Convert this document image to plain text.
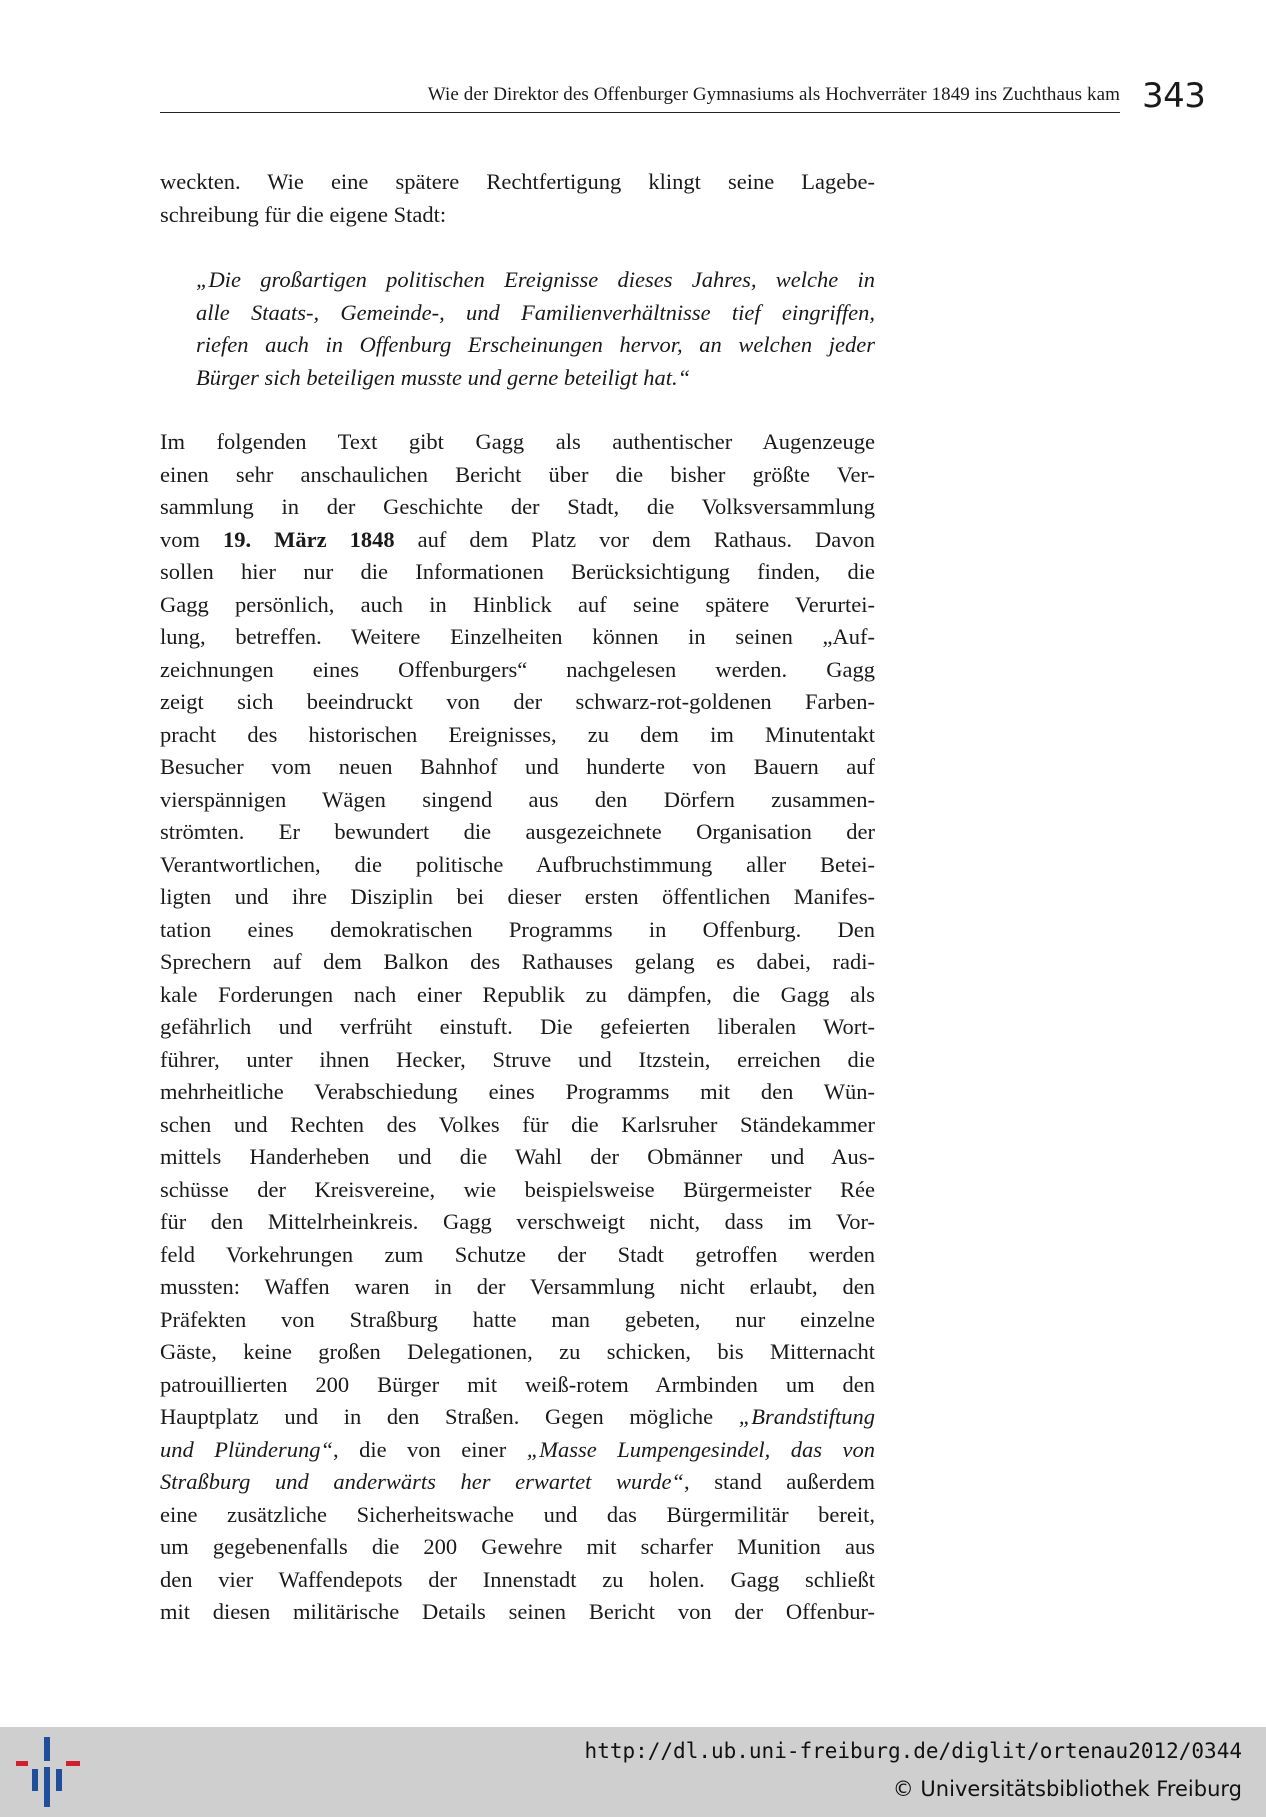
Wie der Direktor des Offenburger Gymnasiums als Hochverräter 1849 ins Zuchthaus kam 343
weckten. Wie eine spätere Rechtfertigung klingt seine Lagebe-
schreibung für die eigene Stadt:
„Die großartigen politischen Ereignisse dieses Jahres, welche in
alle Staats-, Gemeinde-, und Familienverhältnisse tief eingriffen,
riefen auch in Offenburg Erscheinungen hervor, an welchen jeder
Bürger sich beteiligen musste und gerne beteiligt hat.“
Im folgenden Text gibt Gagg als authentischer Augenzeuge
einen sehr anschaulichen Bericht über die bisher größte Ver-
sammlung in der Geschichte der Stadt, die Volksversammlung
vom 19. März 1848 auf dem Platz vor dem Rathaus. Davon
sollen hier nur die Informationen Berücksichtigung finden, die
Gagg persönlich, auch in Hinblick auf seine spätere Verurtei-
lung, betreffen. Weitere Einzelheiten können in seinen „Auf-
zeichnungen eines Offenburgers“ nachgelesen werden. Gagg
zeigt sich beeindruckt von der schwarz-rot-goldenen Farben-
pracht des historischen Ereignisses, zu dem im Minutentakt
Besucher vom neuen Bahnhof und hunderte von Bauern auf
vierspännigen Wägen singend aus den Dörfern zusammen-
strömten. Er bewundert die ausgezeichnete Organisation der
Verantwortlichen, die politische Aufbruchstimmung aller Betei-
ligten und ihre Disziplin bei dieser ersten öffentlichen Manifes-
tation eines demokratischen Programms in Offenburg. Den
Sprechern auf dem Balkon des Rathauses gelang es dabei, radi-
kale Forderungen nach einer Republik zu dämpfen, die Gagg als
gefährlich und verfrüht einstuft. Die gefeierten liberalen Wort-
führer, unter ihnen Hecker, Struve und Itzstein, erreichen die
mehrheitliche Verabschiedung eines Programms mit den Wün-
schen und Rechten des Volkes für die Karlsruher Ständekammer
mittels Handerheben und die Wahl der Obmänner und Aus-
schüsse der Kreisvereine, wie beispielsweise Bürgermeister Rée
für den Mittelrheinkreis. Gagg verschweigt nicht, dass im Vor-
feld Vorkehrungen zum Schutze der Stadt getroffen werden
mussten: Waffen waren in der Versammlung nicht erlaubt, den
Präfekten von Straßburg hatte man gebeten, nur einzelne
Gäste, keine großen Delegationen, zu schicken, bis Mitternacht
patrouillierten 200 Bürger mit weiß-rotem Armbinden um den
Hauptplatz und in den Straßen. Gegen mögliche „Brandstiftung
und Plünderung“, die von einer „Masse Lumpengesindel, das von
Straßburg und anderwärts her erwartet wurde“, stand außerdem
eine zusätzliche Sicherheitswache und das Bürgermilitär bereit,
um gegebenenfalls die 200 Gewehre mit scharfer Munition aus
den vier Waffendepots der Innenstadt zu holen. Gagg schließt
mit diesen militärische Details seinen Bericht von der Offenbur-
http://dl.ub.uni-freiburg.de/diglit/ortenau2012/0344
© Universitätsbibliothek Freiburg
